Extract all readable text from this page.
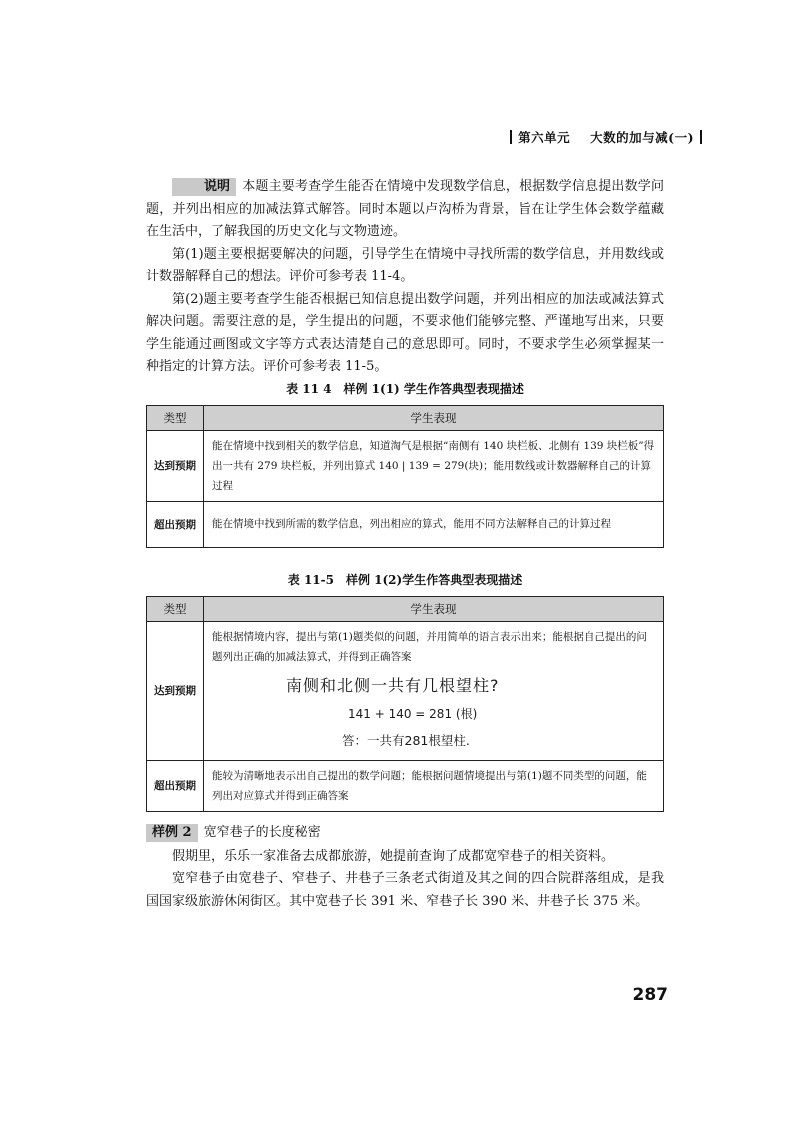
第六单元 大数的加与减(一)

说明 本题主要考查学生能否在情境中发现数学信息，根据数学信息提出数学问题，并列出相应的加减法算式解答。同时本题以卢沟桥为背景，旨在让学生体会数学蕴藏在生活中，了解我国的历史文化与文物遗迹。

第(1)题主要根据要解决的问题，引导学生在情境中寻找所需的数学信息，并用数线或计数器解释自己的想法。评价可参考表 11-4。

第(2)题主要考查学生能否根据已知信息提出数学问题，并列出相应的加法或减法算式解决问题。需要注意的是，学生提出的问题，不要求他们能够完整、严谨地写出来，只要学生能通过画图或文字等方式表达清楚自己的意思即可。同时，不要求学生必须掌握某一种指定的计算方法。评价可参考表 11-5。

表 11 4　样例 1(1) 学生作答典型表现描述
类型	学生表现
达到预期	能在情境中找到相关的数学信息，知道淘气是根据“南侧有 140 块栏板、北侧有 139 块栏板”得出一共有 279 块栏板，并列出算式 140 | 139 = 279(块)；能用数线或计数器解释自己的计算过程
超出预期	能在情境中找到所需的数学信息，列出相应的算式，能用不同方法解释自己的计算过程
表 11-5　样例 1(2)学生作答典型表现描述
类型	学生表现
达到预期	能根据情境内容，提出与第(1)题类似的问题，并用简单的语言表示出来；能根据自己提出的问题列出正确的加减法算式，并得到正确答案
南侧和北侧一共有几根望柱?
141 + 140 = 281 (根)
答：一共有281根望柱.

超出预期	能较为清晰地表示出自己提出的数学问题；能根据问题情境提出与第(1)题不同类型的问题，能列出对应算式并得到正确答案
样例 2 宽窄巷子的长度秘密

假期里，乐乐一家准备去成都旅游，她提前查询了成都宽窄巷子的相关资料。

宽窄巷子由宽巷子、窄巷子、井巷子三条老式街道及其之间的四合院群落组成，是我国国家级旅游休闲街区。其中宽巷子长 391 米、窄巷子长 390 米、井巷子长 375 米。

287
